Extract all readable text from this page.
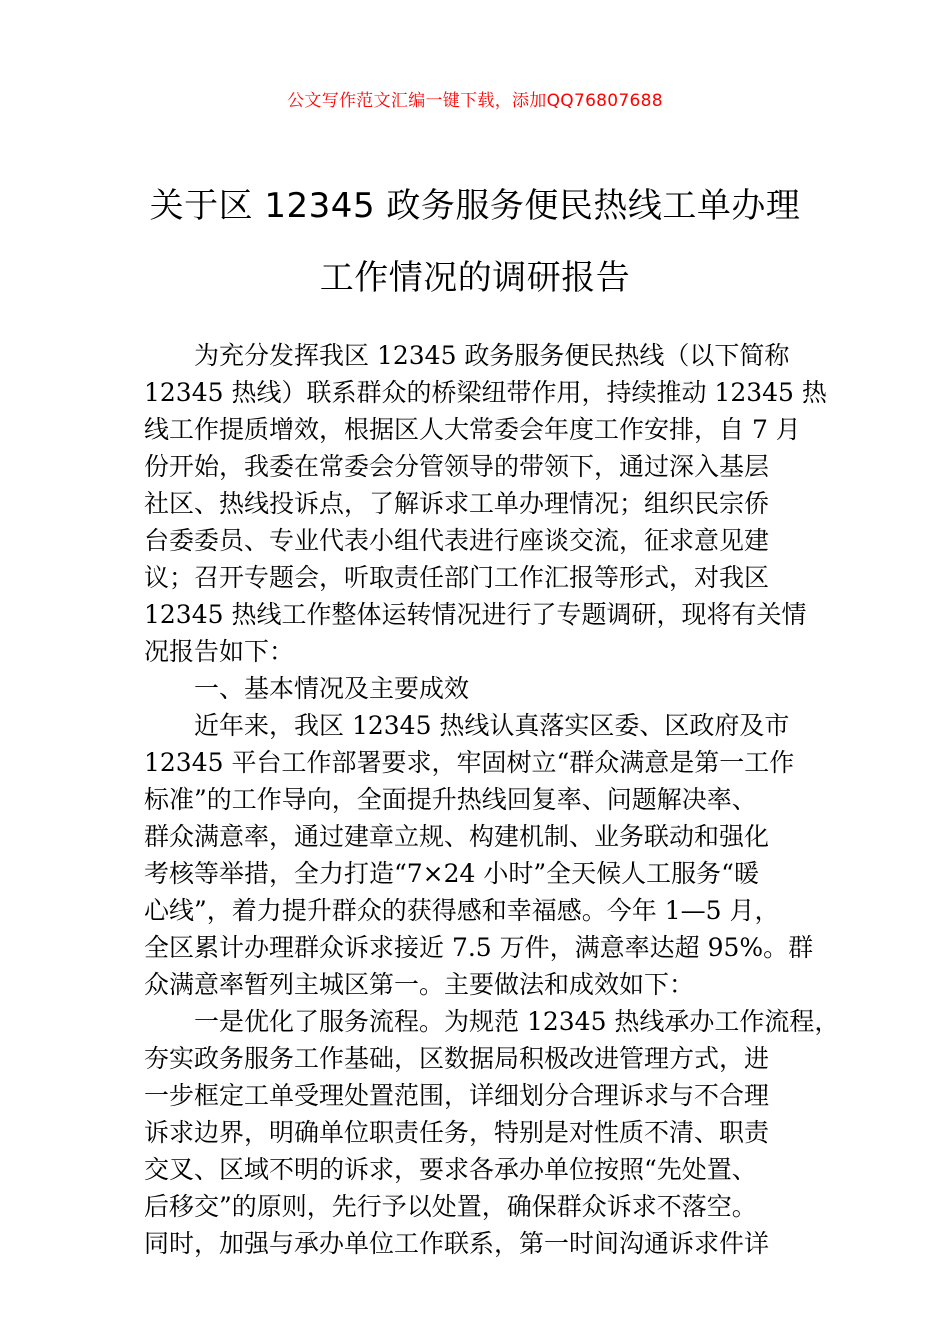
公文写作范文汇编一键下载，添加QQ76807688
关于区 12345 政务服务便民热线工单办理
工作情况的调研报告
为充分发挥我区 12345 政务服务便民热线（以下简称
12345 热线）联系群众的桥梁纽带作用，持续推动 12345 热
线工作提质增效，根据区人大常委会年度工作安排，自 7 月
份开始，我委在常委会分管领导的带领下，通过深入基层
社区、热线投诉点，了解诉求工单办理情况；组织民宗侨
台委委员、专业代表小组代表进行座谈交流，征求意见建
议；召开专题会，听取责任部门工作汇报等形式，对我区
12345 热线工作整体运转情况进行了专题调研，现将有关情
况报告如下：
一、基本情况及主要成效
近年来，我区 12345 热线认真落实区委、区政府及市
12345 平台工作部署要求，牢固树立“群众满意是第一工作
标准”的工作导向，全面提升热线回复率、问题解决率、
群众满意率，通过建章立规、构建机制、业务联动和强化
考核等举措，全力打造“7×24 小时”全天候人工服务“暖
心线”，着力提升群众的获得感和幸福感。今年 1—5 月，
全区累计办理群众诉求接近 7.5 万件，满意率达超 95%。群
众满意率暂列主城区第一。主要做法和成效如下：
一是优化了服务流程。为规范 12345 热线承办工作流程，
夯实政务服务工作基础，区数据局积极改进管理方式，进
一步框定工单受理处置范围，详细划分合理诉求与不合理
诉求边界，明确单位职责任务，特别是对性质不清、职责
交叉、区域不明的诉求，要求各承办单位按照“先处置、
后移交”的原则，先行予以处置，确保群众诉求不落空。
同时，加强与承办单位工作联系，第一时间沟通诉求件详
